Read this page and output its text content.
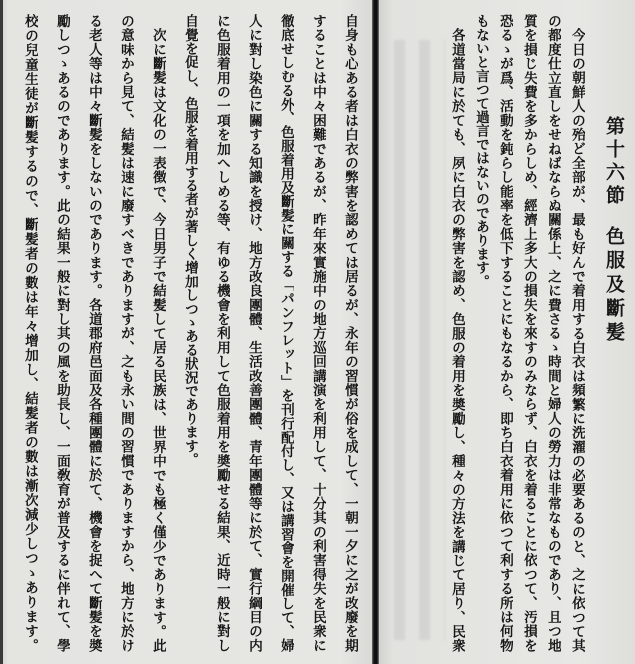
自身も心ある者は白衣の弊害を認めては居るが、永年の習慣が俗を成して、一朝一夕に之が改廢を期
することは中々困難であるが、昨年來實施中の地方巡回講演を利用して、十分其の利害得失を民衆に
徹底せしむる外、色服着用及斷髪に關する「パンフレット」を刊行配付し、又は講習會を開催して、婦
人に對し染色に關する知識を授け、地方改良團體、生活改善團體、青年團體等に於て、實行綱目の内
に色服着用の一項を加へしめる等、有ゆる機會を利用して色服着用を奬勵せる結果、近時一般に對し
自覺を促し、色服を着用する者が著しく增加しつゝある狀況であります。
次に斷髪は文化の一表徴で、今日男子で結髪して居る民族は、世界中でも極く僅少であります。此
の意味から見て、結髪は速に廢すべきでありますが、之も永い間の習慣でありますから、地方に於け
る老人等は中々斷髪をしないのであります。各道郡府邑面及各種團體に於て、機會を捉へて斷髪を奬
勵しつゝあるのであります。此の結果一般に對し其の風を助長し、一面敎育が普及するに伴れて、學
校の兒童生徒が斷髪するので、斷髪者の數は年々增加し、結髪者の數は漸次減少しつゝあります。	第十六節
色服及斷髪
今日の朝鮮人の殆ど全部が、最も好んで着用する白衣は頻繁に洗濯の必要あるのと、之に依つて其
の都度仕立直しをせねばならぬ關係上、之に費さるゝ時間と婦人の勞力は非常なものであり、且つ地
質を損じ失費を多からしめ、經濟上多大の損失を來すのみならず、白衣を着ることに依つて、汚損を
恐るゝが爲、活動を鈍らし能率を低下することにもなるから、即ち白衣着用に依つて利する所は何物
もないと言つて過言ではないのであります。
各道當局に於ても、夙に白衣の弊害を認め、色服の着用を奬勵し、種々の方法を講じて居り、民衆
